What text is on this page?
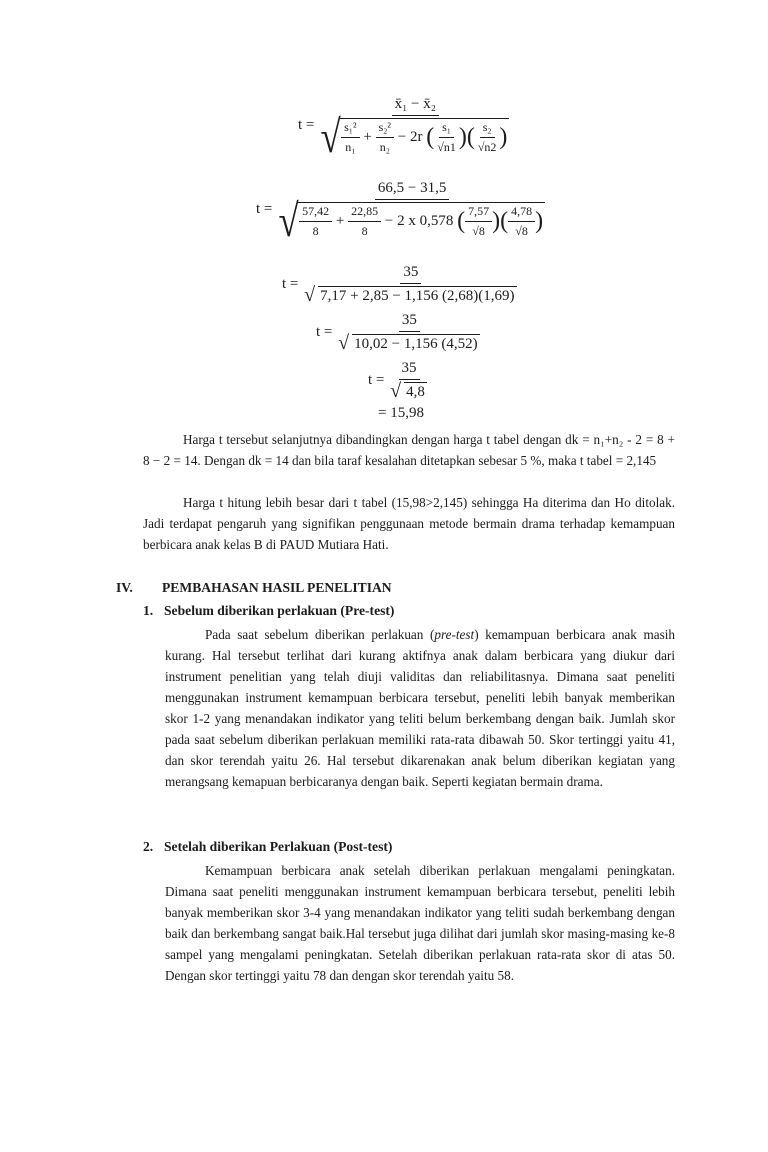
t =
x̄₁ − x̄₂
√ $\frac{\text{s₁²}}{\text{n₁}} + \frac{\text{s₂²}}{\text{n₂}} - 2r$ ( $\frac{\text{s₁}}{√n1}$ )( $\frac{\text{s₂}}{√n2}$ )
t =
66,5 − 31,5
√ $\frac{57,42}{8} + \frac{22,85}{8} - 2$ x 0,578 ( $\frac{7,57}{√8}$ )( $\frac{4,78}{√8}$ )
t = 35
√ 7,17 + 2,85 − 1,156 (2,68)(1,69)
t = 35
√ 10,02 − 1,156 (4,52)
t = 35
√ 4,8
= 15,98
Harga t tersebut selanjutnya dibandingkan dengan harga t tabel dengan dk = n₁+n₂ - 2 = 8 + 8 − 2 = 14. Dengan dk = 14 dan bila taraf kesalahan ditetapkan sebesar 5 %, maka t tabel = 2,145
Harga t hitung lebih besar dari t tabel (15,98>2,145) sehingga Ha diterima dan Ho ditolak. Jadi terdapat pengaruh yang signifikan penggunaan metode bermain drama terhadap kemampuan berbicara anak kelas B di PAUD Mutiara Hati.
IV. PEMBAHASAN HASIL PENELITIAN
1. Sebelum diberikan perlakuan (Pre-test)
Pada saat sebelum diberikan perlakuan (pre-test) kemampuan berbicara anak masih kurang. Hal tersebut terlihat dari kurang aktifnya anak dalam berbicara yang diukur dari instrument penelitian yang telah diuji validitas dan reliabilitasnya. Dimana saat peneliti menggunakan instrument kemampuan berbicara tersebut, peneliti lebih banyak memberikan skor 1-2 yang menandakan indikator yang teliti belum berkembang dengan baik. Jumlah skor pada saat sebelum diberikan perlakuan memiliki rata-rata dibawah 50. Skor tertinggi yaitu 41, dan skor terendah yaitu 26. Hal tersebut dikarenakan anak belum diberikan kegiatan yang merangsang kemapuan berbicaranya dengan baik. Seperti kegiatan bermain drama.
2. Setelah diberikan Perlakuan (Post-test)
Kemampuan berbicara anak setelah diberikan perlakuan mengalami peningkatan. Dimana saat peneliti menggunakan instrument kemampuan berbicara tersebut, peneliti lebih banyak memberikan skor 3-4 yang menandakan indikator yang teliti sudah berkembang dengan baik dan berkembang sangat baik.Hal tersebut juga dilihat dari jumlah skor masing-masing ke-8 sampel yang mengalami peningkatan. Setelah diberikan perlakuan rata-rata skor di atas 50. Dengan skor tertinggi yaitu 78 dan dengan skor terendah yaitu 58.
